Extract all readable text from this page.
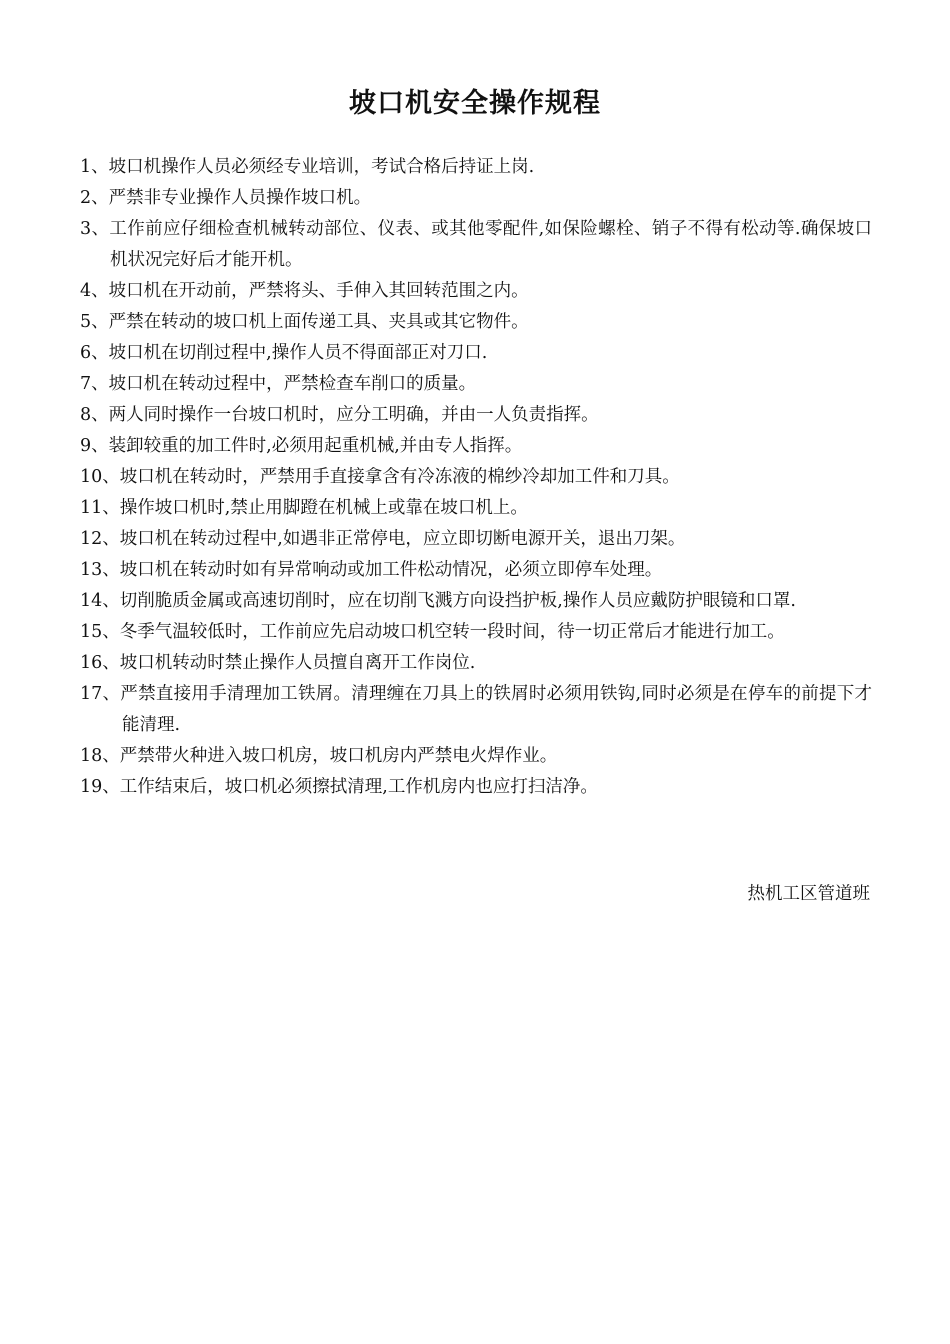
坡口机安全操作规程
1、坡口机操作人员必须经专业培训，考试合格后持证上岗.
2、严禁非专业操作人员操作坡口机。
3、工作前应仔细检查机械转动部位、仪表、或其他零配件,如保险螺栓、销子不得有松动等.确保坡口机状况完好后才能开机。
4、坡口机在开动前，严禁将头、手伸入其回转范围之内。
5、严禁在转动的坡口机上面传递工具、夹具或其它物件。
6、坡口机在切削过程中,操作人员不得面部正对刀口.
7、坡口机在转动过程中，严禁检查车削口的质量。
8、两人同时操作一台坡口机时，应分工明确，并由一人负责指挥。
9、装卸较重的加工件时,必须用起重机械,并由专人指挥。
10、坡口机在转动时，严禁用手直接拿含有冷冻液的棉纱冷却加工件和刀具。
11、操作坡口机时,禁止用脚蹬在机械上或靠在坡口机上。
12、坡口机在转动过程中,如遇非正常停电，应立即切断电源开关，退出刀架。
13、坡口机在转动时如有异常响动或加工件松动情况，必须立即停车处理。
14、切削脆质金属或高速切削时，应在切削飞溅方向设挡护板,操作人员应戴防护眼镜和口罩.
15、冬季气温较低时，工作前应先启动坡口机空转一段时间，待一切正常后才能进行加工。
16、坡口机转动时禁止操作人员擅自离开工作岗位.
17、严禁直接用手清理加工铁屑。清理缠在刀具上的铁屑时必须用铁钩,同时必须是在停车的前提下才能清理.
18、严禁带火种进入坡口机房，坡口机房内严禁电火焊作业。
19、工作结束后，坡口机必须擦拭清理,工作机房内也应打扫洁净。

热机工区管道班
